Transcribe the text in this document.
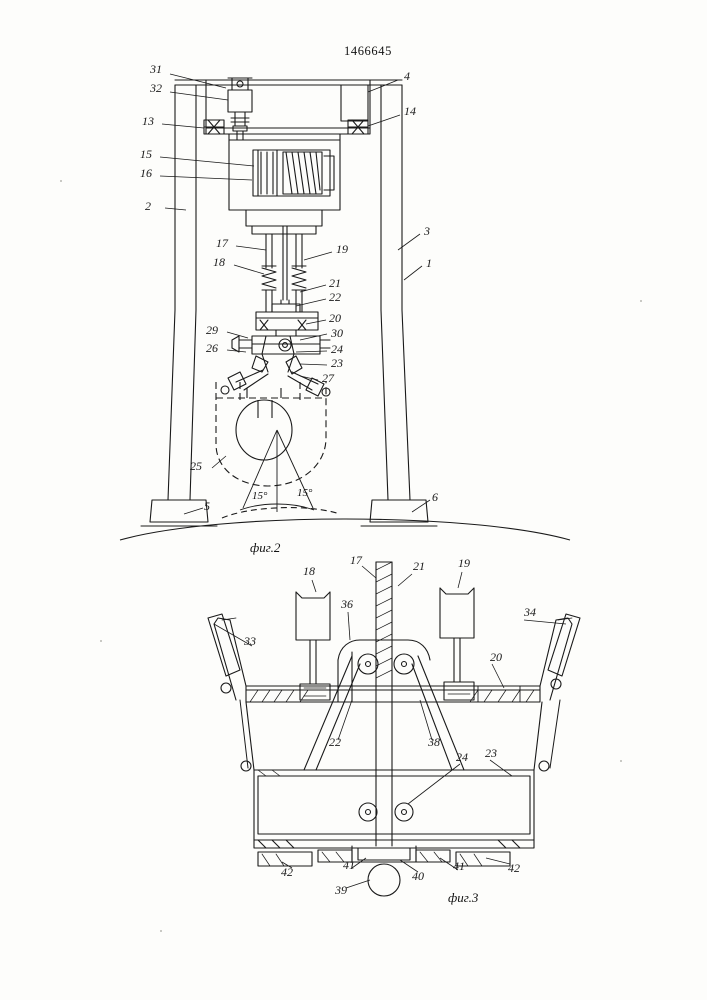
1466645
31
32
4
13
14
15
16
2
3
1
17	19
18
21
22
20
29	30
26	24
23
27
25
5
6
15°	15°
фиг.2
18
17	21	19
34
36
33
20
22	38
24 23
42	41
39
40
41	42
фиг.3
